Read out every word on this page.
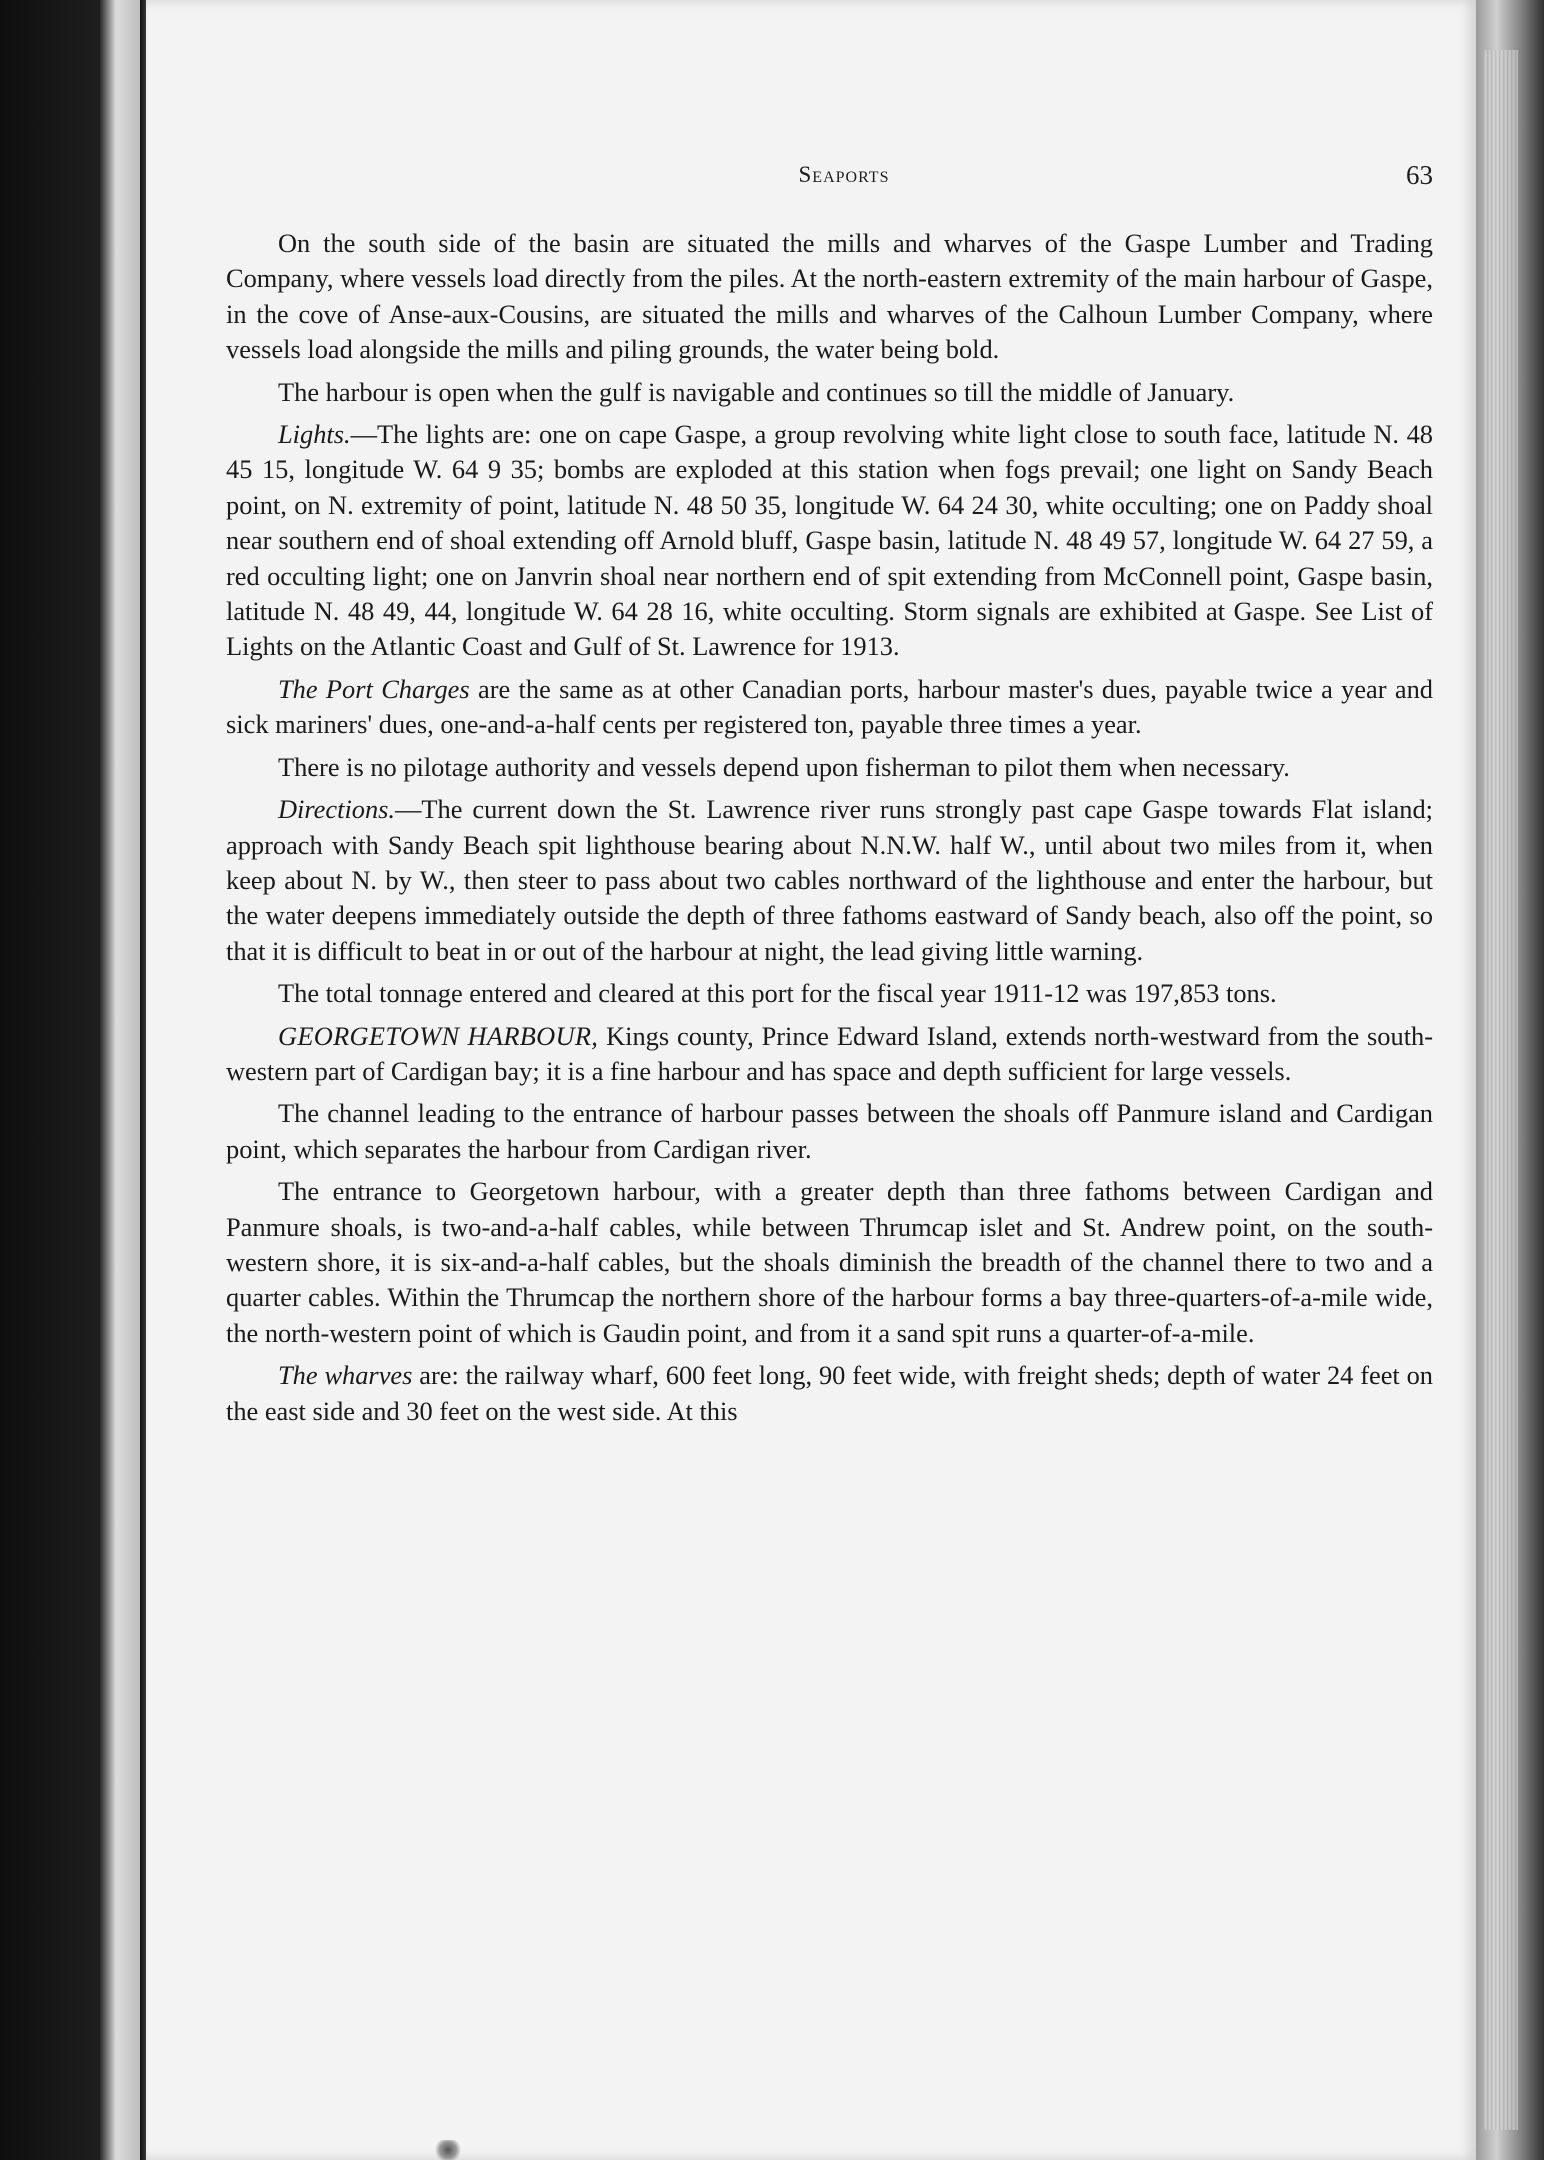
Seaports	63

On the south side of the basin are situated the mills and wharves of the Gaspe Lumber and Trading Company, where vessels load directly from the piles. At the north-eastern extremity of the main harbour of Gaspe, in the cove of Anse-aux-Cousins, are situated the mills and wharves of the Calhoun Lumber Company, where vessels load alongside the mills and piling grounds, the water being bold.

The harbour is open when the gulf is navigable and continues so till the middle of January.

Lights.—The lights are: one on cape Gaspe, a group revolving white light close to south face, latitude N. 48 45 15, longitude W. 64 9 35; bombs are exploded at this station when fogs prevail; one light on Sandy Beach point, on N. extremity of point, latitude N. 48 50 35, longitude W. 64 24 30, white occulting; one on Paddy shoal near southern end of shoal extending off Arnold bluff, Gaspe basin, latitude N. 48 49 57, longitude W. 64 27 59, a red occulting light; one on Janvrin shoal near northern end of spit extending from McConnell point, Gaspe basin, latitude N. 48 49, 44, longitude W. 64 28 16, white occulting. Storm signals are exhibited at Gaspe. See List of Lights on the Atlantic Coast and Gulf of St. Lawrence for 1913.

The Port Charges are the same as at other Canadian ports, harbour master's dues, payable twice a year and sick mariners' dues, one-and-a-half cents per registered ton, payable three times a year.

There is no pilotage authority and vessels depend upon fisherman to pilot them when necessary.

Directions.—The current down the St. Lawrence river runs strongly past cape Gaspe towards Flat island; approach with Sandy Beach spit lighthouse bearing about N.N.W. half W., until about two miles from it, when keep about N. by W., then steer to pass about two cables northward of the lighthouse and enter the harbour, but the water deepens immediately outside the depth of three fathoms eastward of Sandy beach, also off the point, so that it is difficult to beat in or out of the harbour at night, the lead giving little warning.

The total tonnage entered and cleared at this port for the fiscal year 1911-12 was 197,853 tons.

GEORGETOWN HARBOUR, Kings county, Prince Edward Island, extends north-westward from the south-western part of Cardigan bay; it is a fine harbour and has space and depth sufficient for large vessels.

The channel leading to the entrance of harbour passes between the shoals off Panmure island and Cardigan point, which separates the harbour from Cardigan river.

The entrance to Georgetown harbour, with a greater depth than three fathoms between Cardigan and Panmure shoals, is two-and-a-half cables, while between Thrumcap islet and St. Andrew point, on the south-western shore, it is six-and-a-half cables, but the shoals diminish the breadth of the channel there to two and a quarter cables. Within the Thrumcap the northern shore of the harbour forms a bay three-quarters-of-a-mile wide, the north-western point of which is Gaudin point, and from it a sand spit runs a quarter-of-a-mile.

The wharves are: the railway wharf, 600 feet long, 90 feet wide, with freight sheds; depth of water 24 feet on the east side and 30 feet on the west side. At this
